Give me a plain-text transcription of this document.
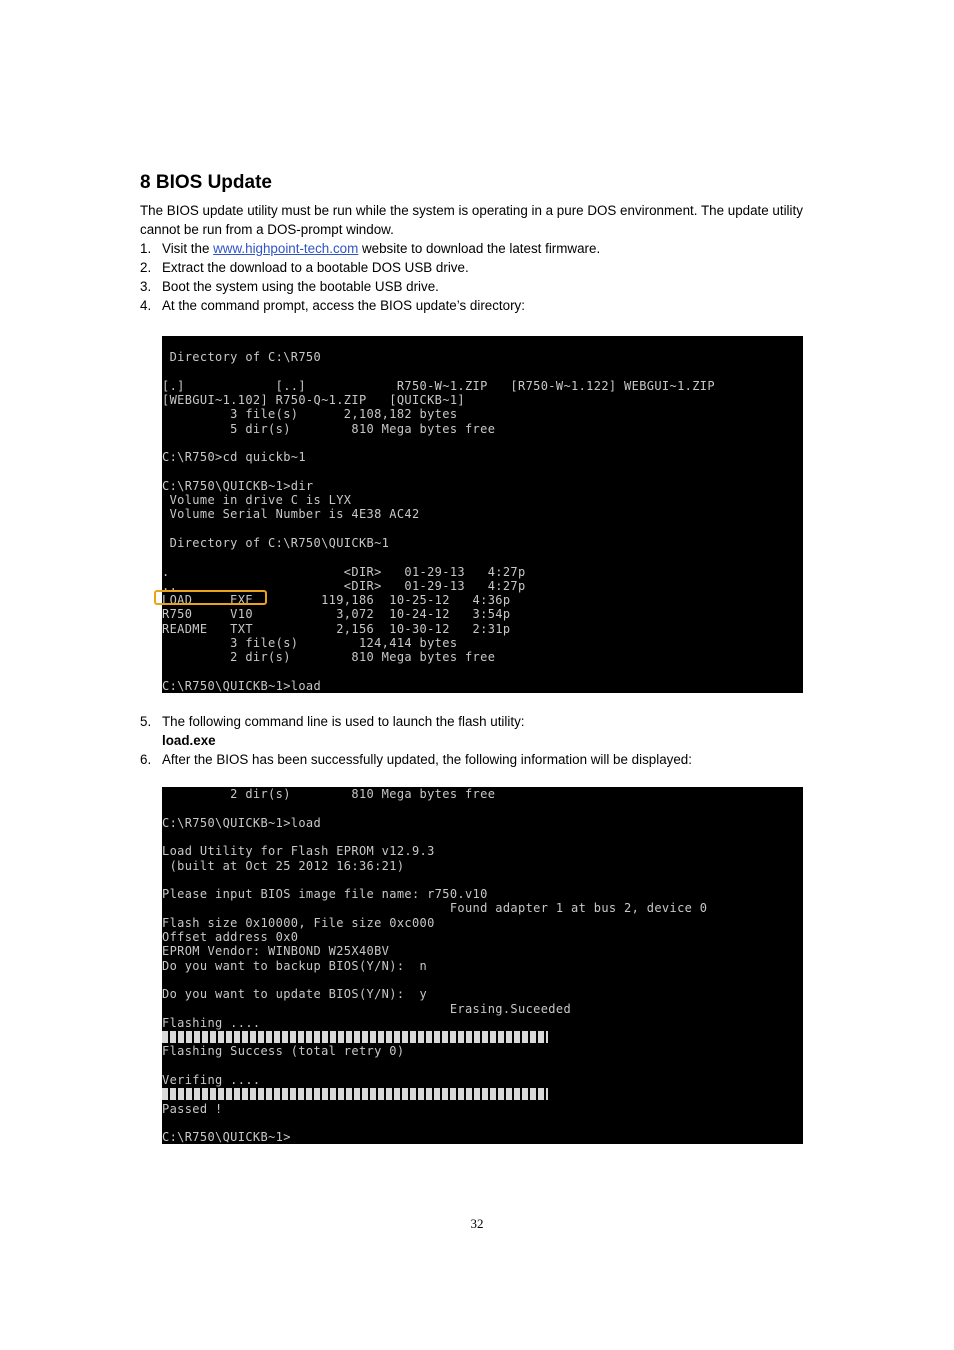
8 BIOS Update

The BIOS update utility must be run while the system is operating in a pure DOS environment. The update utility cannot be run from a DOS-prompt window.

1. Visit the www.highpoint-tech.com website to download the latest firmware.
2. Extract the download to a bootable DOS USB drive.
3. Boot the system using the bootable USB drive.
4. At the command prompt, access the BIOS update’s directory:
Directory of C:\R750
[.]            [..]            R750-W~1.ZIP   [R750-W~1.122] WEBGUI~1.ZIP
[WEBGUI~1.102] R750-Q~1.ZIP   [QUICKB~1]
3 file(s)      2,108,182 bytes
5 dir(s)        810 Mega bytes free
C:\R750>cd quickb~1
C:\R750\QUICKB~1>dir
Volume in drive C is LYX
Volume Serial Number is 4E38 AC42
Directory of C:\R750\QUICKB~1
.                       <DIR>   01-29-13   4:27p
..                      <DIR>   01-29-13   4:27p
LOAD     EXE         119,186  10-25-12   4:36p
R750     V10           3,072  10-24-12   3:54p
README   TXT           2,156  10-30-12   2:31p
3 file(s)        124,414 bytes
2 dir(s)        810 Mega bytes free
C:\R750\QUICKB~1>load
5. The following command line is used to launch the flash utility:
load.exe
6. After the BIOS has been successfully updated, the following information will be displayed:
2 dir(s)        810 Mega bytes free
C:\R750\QUICKB~1>load
Load Utility for Flash EPROM v12.9.3
(built at Oct 25 2012 16:36:21)
Please input BIOS image file name: r750.v10
Found adapter 1 at bus 2, device 0
Flash size 0x10000, File size 0xc000
Offset address 0x0
EPROM Vendor: WINBOND W25X40BV
Do you want to backup BIOS(Y/N):  n
Do you want to update BIOS(Y/N):  y
Erasing.Suceeded
Flashing ....
Flashing Success (total retry 0)
Verifing ....
Passed !
C:\R750\QUICKB~1>
32
